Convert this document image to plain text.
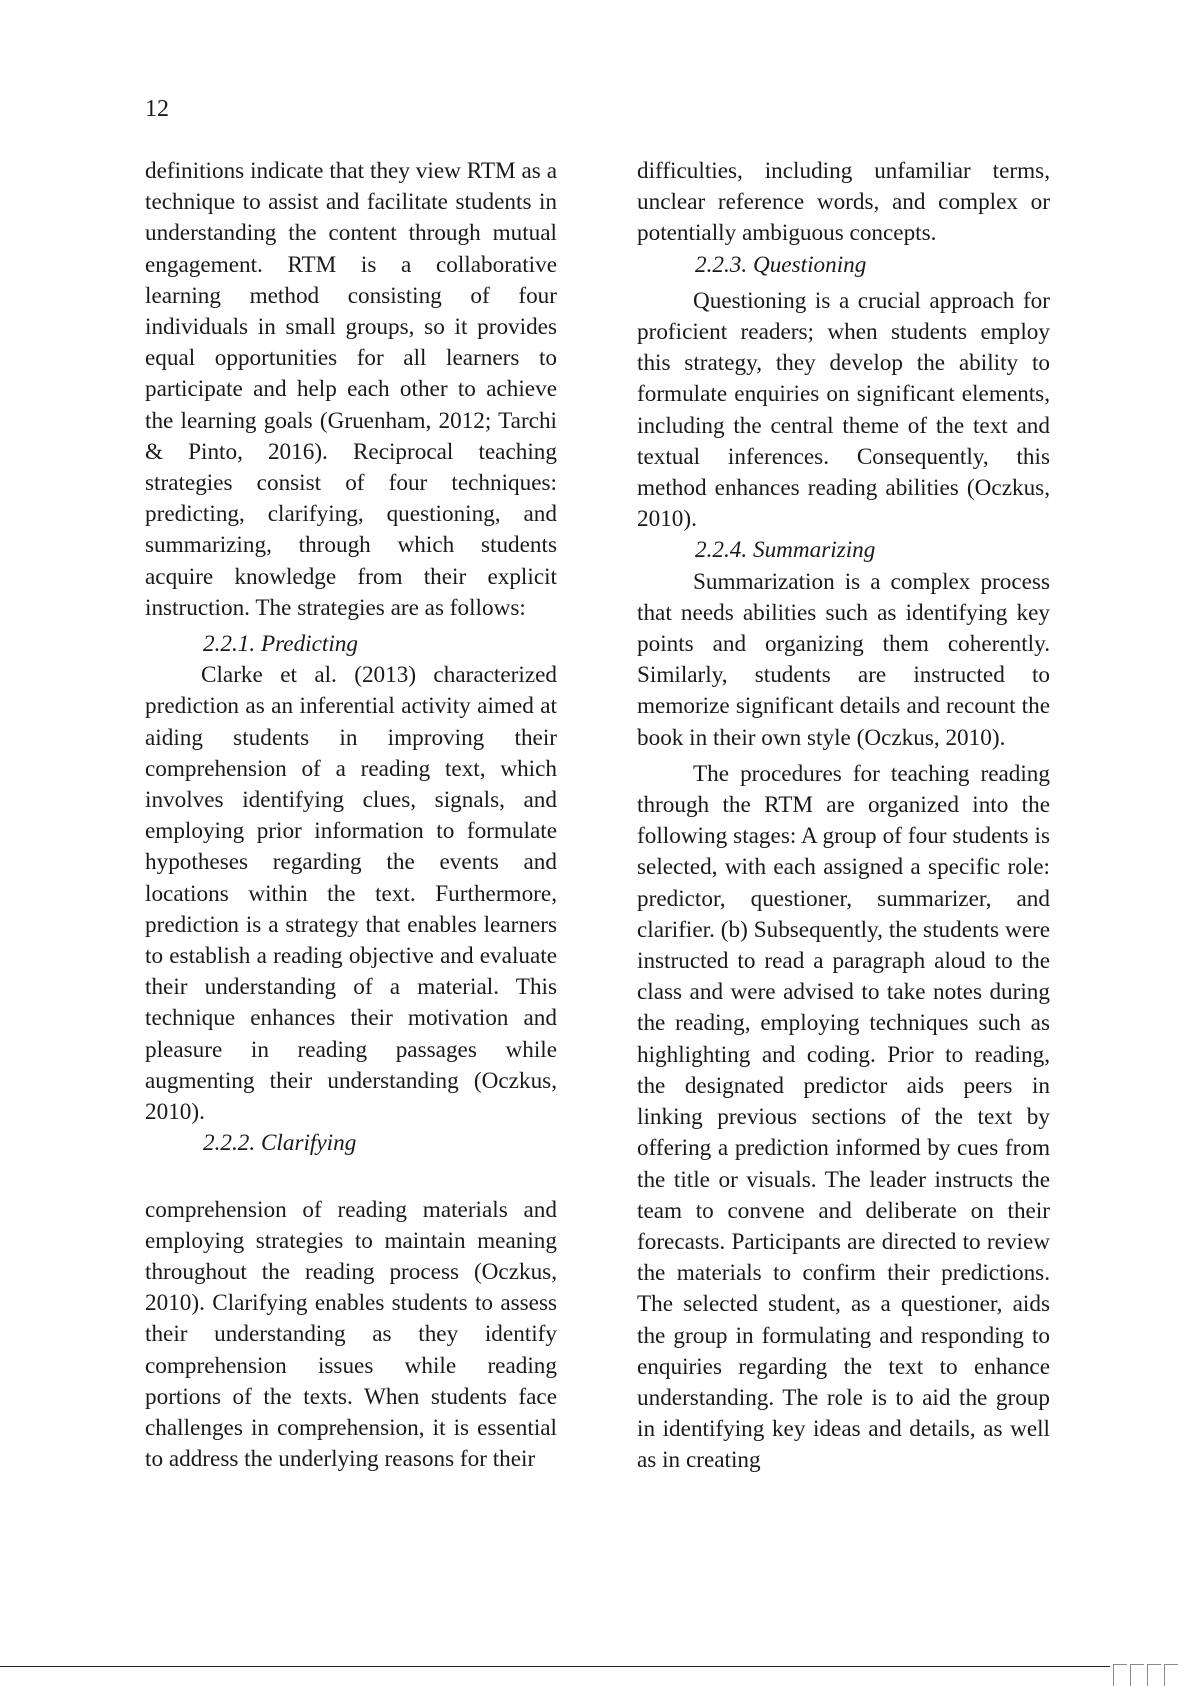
12

definitions indicate that they view RTM as a technique to assist and facilitate students in understanding the content through mutual engagement. RTM is a collaborative learning method consisting of four individuals in small groups, so it provides equal opportunities for all learners to participate and help each other to achieve the learning goals (Gruenham, 2012; Tarchi & Pinto, 2016). Reciprocal teaching strategies consist of four techniques: predicting, clarifying, questioning, and summarizing, through which students acquire knowledge from their explicit instruction. The strategies are as follows:

2.2.1. Predicting

Clarke et al. (2013) characterized prediction as an inferential activity aimed at aiding students in improving their comprehension of a reading text, which involves identifying clues, signals, and employing prior information to formulate hypotheses regarding the events and locations within the text. Furthermore, prediction is a strategy that enables learners to establish a reading objective and evaluate their understanding of a material. This technique enhances their motivation and pleasure in reading passages while augmenting their understanding (Oczkus, 2010).

2.2.2. Clarifying

comprehension of reading materials and employing strategies to maintain meaning throughout the reading process (Oczkus, 2010). Clarifying enables students to assess their understanding as they identify comprehension issues while reading portions of the texts. When students face challenges in comprehension, it is essential to address the underlying reasons for their

difficulties, including unfamiliar terms, unclear reference words, and complex or potentially ambiguous concepts.

2.2.3. Questioning

Questioning is a crucial approach for proficient readers; when students employ this strategy, they develop the ability to formulate enquiries on significant elements, including the central theme of the text and textual inferences. Consequently, this method enhances reading abilities (Oczkus, 2010).

2.2.4. Summarizing

Summarization is a complex process that needs abilities such as identifying key points and organizing them coherently. Similarly, students are instructed to memorize significant details and recount the book in their own style (Oczkus, 2010).

The procedures for teaching reading through the RTM are organized into the following stages: A group of four students is selected, with each assigned a specific role: predictor, questioner, summarizer, and clarifier. (b) Subsequently, the students were instructed to read a paragraph aloud to the class and were advised to take notes during the reading, employing techniques such as highlighting and coding. Prior to reading, the designated predictor aids peers in linking previous sections of the text by offering a prediction informed by cues from the title or visuals. The leader instructs the team to convene and deliberate on their forecasts. Participants are directed to review the materials to confirm their predictions. The selected student, as a questioner, aids the group in formulating and responding to enquiries regarding the text to enhance understanding. The role is to aid the group in identifying key ideas and details, as well as in creating
